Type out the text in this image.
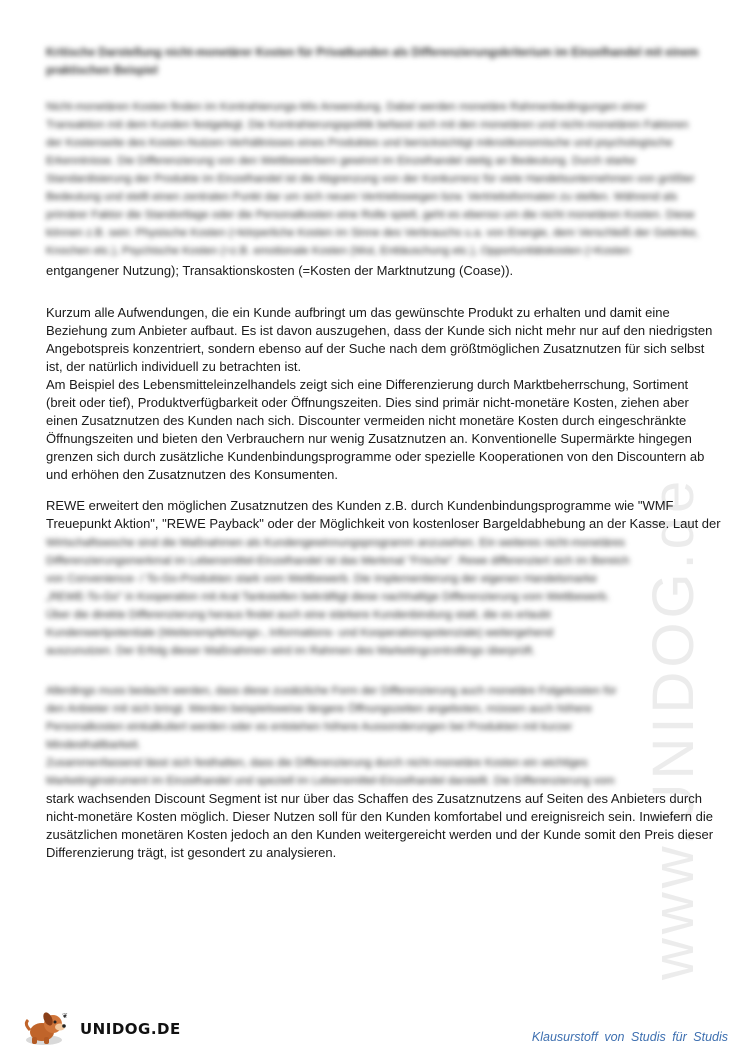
www.UNIDOG.de
Kritische Darstellung nicht-monetärer Kosten für Privatkunden als Differenzierungskriterium im Einzelhandel mit einem praktischen Beispiel
Nicht-monetären Kosten finden im Kontrahierungs-Mix Anwendung. Dabei werden monetäre Rahmenbedingungen einer Transaktion mit dem Kunden festgelegt. Die Kontrahierungspolitik befasst sich mit den monetären und nicht-monetären Faktoren der Kostenseite des Kosten-Nutzen-Verhältnisses eines Produktes und berücksichtigt mikroökonomische und psychologische Erkenntnisse. Die Differenzierung von den Wettbewerbern gewinnt im Einzelhandel stetig an Bedeutung. Durch starke Standardisierung der Produkte im Einzelhandel ist die Abgrenzung von der Konkurrenz für viele Handelsunternehmen von größter Bedeutung und stellt einen zentralen Punkt dar um sich neuen Vertriebswegen bzw. Vertriebsformaten zu stellen. Während als primärer Faktor die Standortlage oder die Personalkosten eine Rolle spielt, geht es ebenso um die nicht monetären Kosten. Diese können z.B. sein: Physische Kosten (=körperliche Kosten im Sinne des Verbrauchs u.a. von Energie, dem Verschleiß der Gelenke, Knochen etc.), Psychische Kosten (=z.B. emotionale Kosten (Wut, Enttäuschung etc.), Opportunitätskosten (=Kosten
entgangener Nutzung); Transaktionskosten (=Kosten der Marktnutzung (Coase)).
Kurzum alle Aufwendungen, die ein Kunde aufbringt um das gewünschte Produkt zu erhalten und damit eine
Beziehung zum Anbieter aufbaut. Es ist davon auszugehen, dass der Kunde sich nicht mehr nur auf den niedrigsten
Angebotspreis konzentriert, sondern ebenso auf der Suche nach dem größtmöglichen Zusatznutzen für sich selbst
ist, der natürlich individuell zu betrachten ist.
Am Beispiel des Lebensmitteleinzelhandels zeigt sich eine Differenzierung durch Marktbeherrschung, Sortiment
(breit oder tief), Produktverfügbarkeit oder Öffnungszeiten. Dies sind primär nicht-monetäre Kosten, ziehen aber
einen Zusatznutzen des Kunden nach sich. Discounter vermeiden nicht monetäre Kosten durch eingeschränkte
Öffnungszeiten und bieten den Verbrauchern nur wenig Zusatznutzen an. Konventionelle Supermärkte hingegen
grenzen sich durch zusätzliche Kundenbindungsprogramme oder spezielle Kooperationen von den Discountern ab
und erhöhen den Zusatznutzen des Konsumenten.
REWE erweitert den möglichen Zusatznutzen des Kunden z.B. durch Kundenbindungsprogramme wie "WMF
Treuepunkt Aktion", "REWE Payback" oder der Möglichkeit von kostenloser Bargeldabhebung an der Kasse. Laut der
Wirtschaftswoche sind die Maßnahmen als Kundengewinnungsprogramm anzusehen. Ein weiteres nicht-monetäres
Differenzierungsmerkmal im Lebensmittel-Einzelhandel ist das Merkmal "Frische". Rewe differenziert sich im Bereich
von Convenience- / To-Go-Produkten stark vom Wettbewerb. Die Implementierung der eigenen Handelsmarke
„REWE-To-Go" in Kooperation mit Aral Tankstellen bekräftigt diese nachhaltige Differenzierung vom Wettbewerb.
Über die direkte Differenzierung heraus findet auch eine stärkere Kundenbindung statt, die es erlaubt
Kundenwertpotentiale (Weiterempfehlungs-, Informations- und Kooperationspotenziale) weitergehend
auszunutzen. Der Erfolg dieser Maßnahmen wird im Rahmen des Marketingcontrollings überprüft.
Allerdings muss bedacht werden, dass diese zusätzliche Form der Differenzierung auch monetäre Folgekosten für
den Anbieter mit sich bringt. Werden beispielsweise längere Öffnungszeiten angeboten, müssen auch höhere
Personalkosten einkalkuliert werden oder es entstehen höhere Aussonderungen bei Produkten mit kurzer
Mindesthaltbarkeit.
Zusammenfassend lässt sich festhalten, dass die Differenzierung durch nicht-monetäre Kosten ein wichtiges
Marketinginstrument im Einzelhandel und speziell im Lebensmittel-Einzelhandel darstellt. Die Differenzierung vom
stark wachsenden Discount Segment ist nur über das Schaffen des Zusatznutzens auf Seiten des Anbieters durch
nicht-monetäre Kosten möglich. Dieser Nutzen soll für den Kunden komfortabel und ereignisreich sein. Inwiefern die
zusätzlichen monetären Kosten jedoch an den Kunden weitergereicht werden und der Kunde somit den Preis dieser
Differenzierung trägt, ist gesondert zu analysieren.
❦
UNIDOG.DE	Klausurstoff von Studis für Studis
